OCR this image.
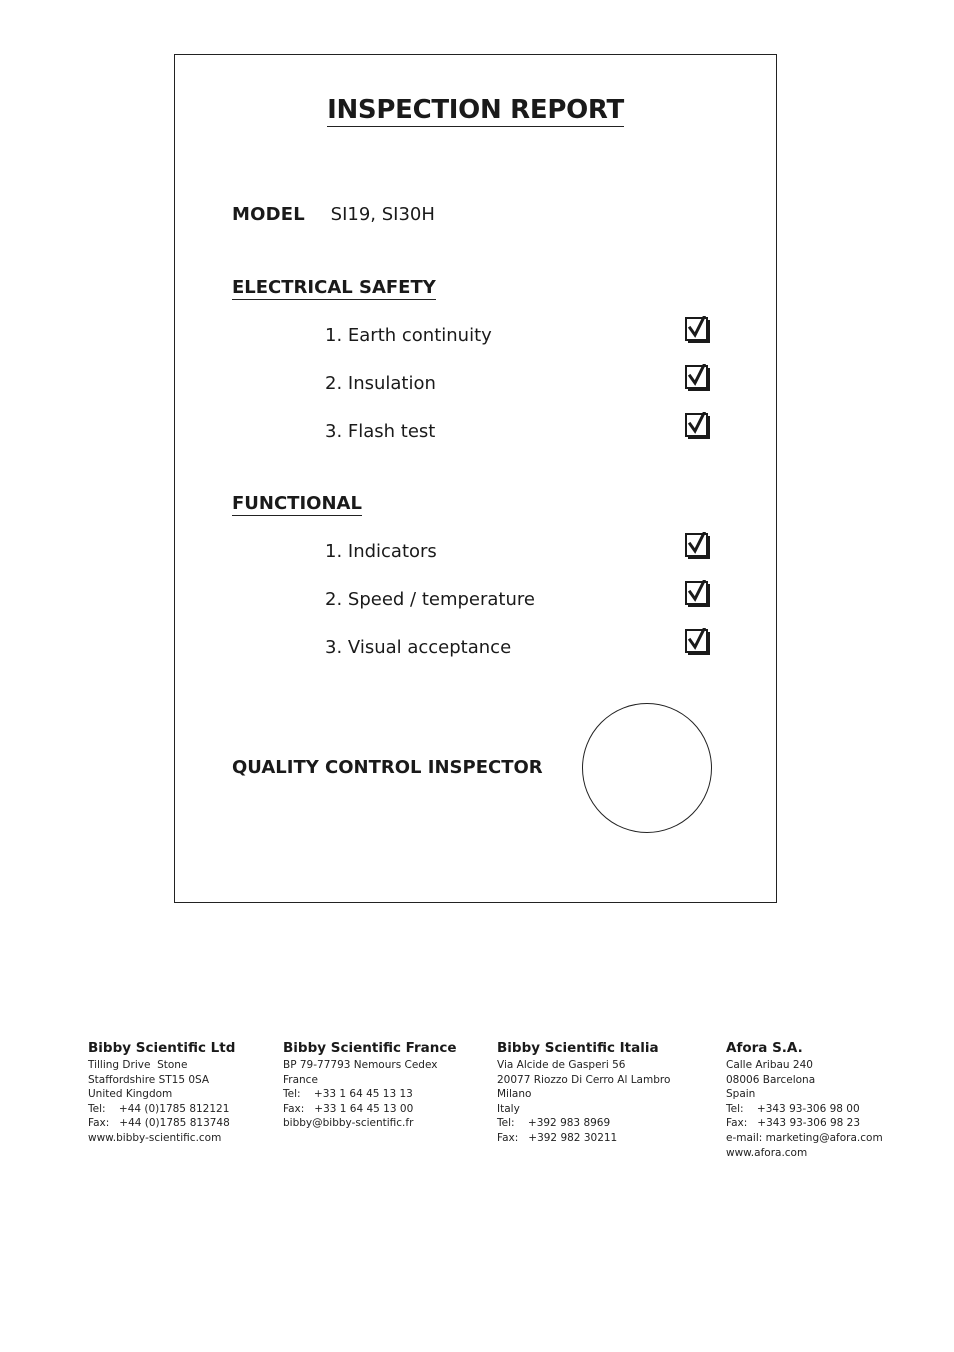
INSPECTION REPORT
MODEL SI19, SI30H
ELECTRICAL SAFETY
1. Earth continuity
2. Insulation
3. Flash test
FUNCTIONAL
1. Indicators
2. Speed / temperature
3. Visual acceptance
QUALITY CONTROL INSPECTOR
Bibby Scientific Ltd
Tilling Drive  Stone
Staffordshire ST15 0SA
United Kingdom
Tel:    +44 (0)1785 812121
Fax:   +44 (0)1785 813748
www.bibby-scientific.com
Bibby Scientific France
BP 79-77793 Nemours Cedex
France
Tel:    +33 1 64 45 13 13
Fax:   +33 1 64 45 13 00
bibby@bibby-scientific.fr
Bibby Scientific Italia
Via Alcide de Gasperi 56
20077 Riozzo Di Cerro Al Lambro
Milano
Italy
Tel:    +392 983 8969
Fax:   +392 982 30211
Afora S.A.
Calle Aribau 240
08006 Barcelona
Spain
Tel:    +343 93-306 98 00
Fax:   +343 93-306 98 23
e-mail: marketing@afora.com
www.afora.com
